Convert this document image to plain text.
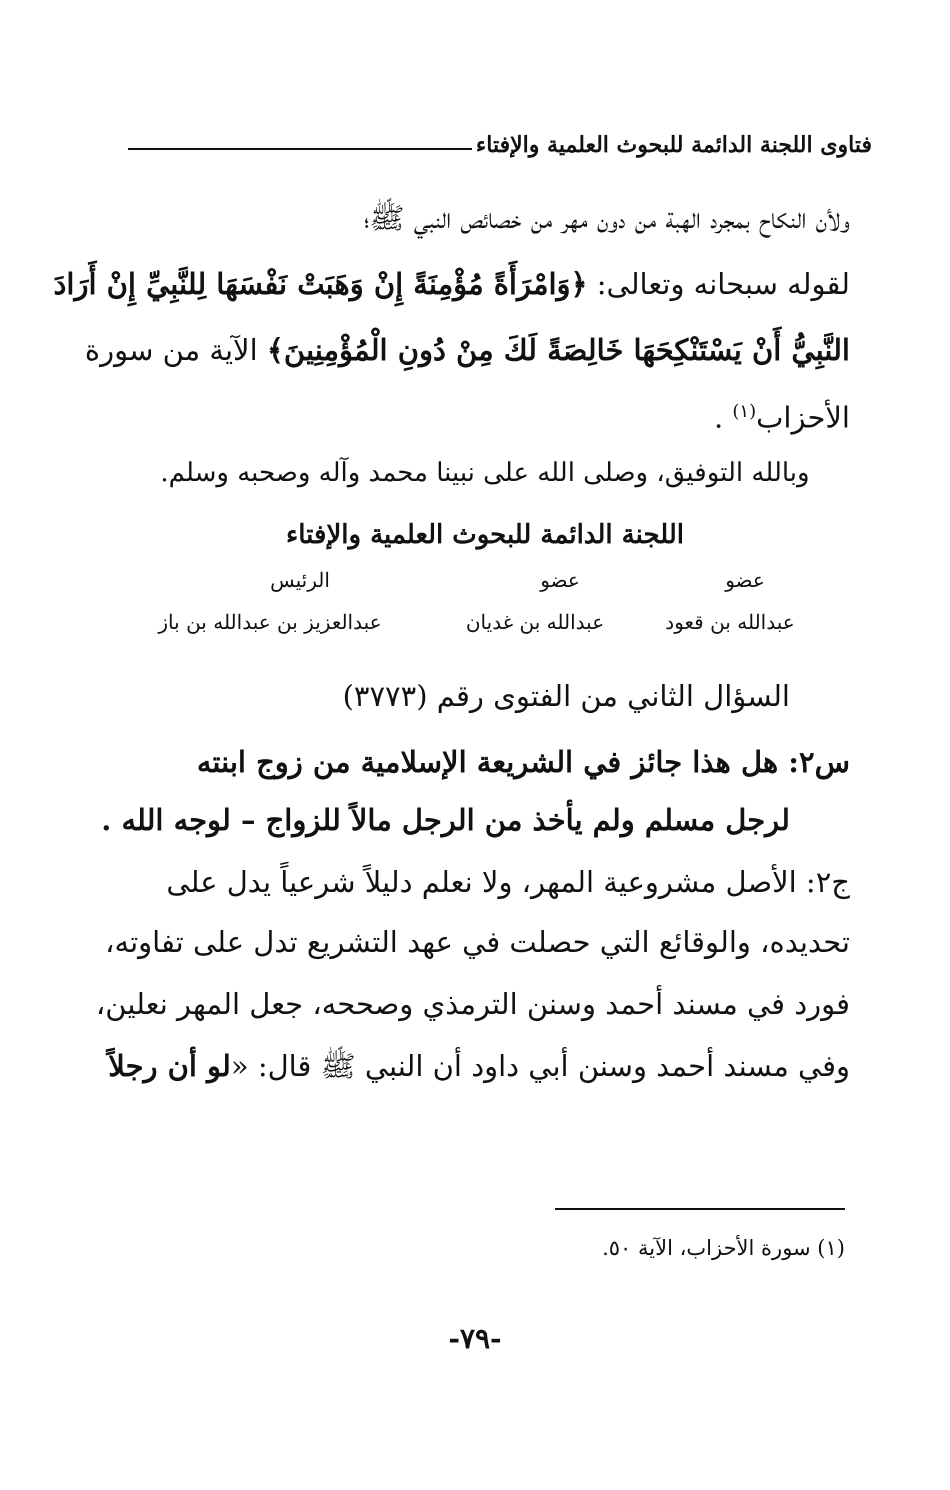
فتاوى اللجنة الدائمة للبحوث العلمية والإفتاء
ولأن النكاح بمجرد الهبة من دون مهر من خصائص النبي ﷺ؛
لقوله سبحانه وتعالى: ﴿وَامْرَأَةً مُؤْمِنَةً إِنْ وَهَبَتْ نَفْسَهَا لِلنَّبِيِّ إِنْ أَرَادَ
النَّبِيُّ أَنْ يَسْتَنْكِحَهَا خَالِصَةً لَكَ مِنْ دُونِ الْمُؤْمِنِينَ﴾ الآية من سورة
الأحزاب$^{(١)}$ .
وبالله التوفيق، وصلى الله على نبينا محمد وآله وصحبه وسلم.
اللجنة الدائمة للبحوث العلمية والإفتاء
عضو
عضو
الرئيس
عبدالله بن قعود
عبدالله بن غديان
عبدالعزيز بن عبدالله بن باز
السؤال الثاني من الفتوى رقم (٣٧٧٣)
س٢: هل هذا جائز في الشريعة الإسلامية من زوج ابنته
لرجل مسلم ولم يأخذ من الرجل مالاً للزواج – لوجه الله .
ج٢: الأصل مشروعية المهر، ولا نعلم دليلاً شرعياً يدل على
تحديده، والوقائع التي حصلت في عهد التشريع تدل على تفاوته،
فورد في مسند أحمد وسنن الترمذي وصححه، جعل المهر نعلين،
وفي مسند أحمد وسنن أبي داود أن النبي ﷺ قال: «لو أن رجلاً
(١) سورة الأحزاب، الآية ٥٠.
-٧٩-
